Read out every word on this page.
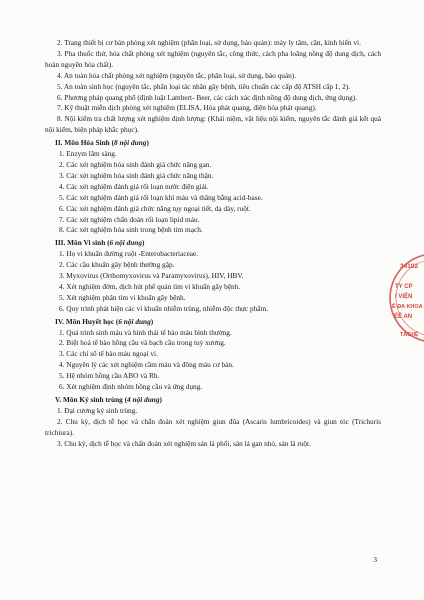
·

2. Trang thiết bị cơ bản phòng xét nghiệm (phân loại, sử dụng, bảo quản): máy ly tâm, cân, kính hiển vi.

3. Pha thuốc thử, hóa chất phòng xét nghiệm (nguyên tắc, công thức, cách pha loãng nồng độ dung dịch, cách hoàn nguyên hóa chất).

4. An toàn hóa chất phòng xét nghiệm (nguyên tắc, phân loại, sử dụng, bảo quản).

5. An toàn sinh học (nguyên tắc, phân loại tác nhân gây bệnh, tiêu chuẩn các cấp độ ATSH cấp 1, 2).

6. Phương pháp quang phổ (định luật Lambert- Beer, các cách xác định nồng độ dung dịch, ứng dụng).

7. Kỹ thuật miễn dịch phòng xét nghiệm (ELISA, Hóa phát quang, điện hóa phát quang).

8. Nội kiểm tra chất lượng xét nghiệm định lượng: (Khái niệm, vật liệu nội kiểm, nguyên tắc đánh giá kết quả nội kiểm, biện pháp khắc phục).

II. Môn Hóa Sinh (8 nội dung)

1. Enzym lâm sàng.

2. Các xét nghiệm hóa sinh đánh giá chức năng gan.

3. Các xét nghiệm hóa sinh đánh giá chức năng thận.

4. Các xét nghiệm đánh giá rối loạn nước điện giải.

5. Các xét nghiệm đánh giá rối loạn khí máu và thăng bằng acid-base.

6. Các xét nghiệm đánh giá chức năng tụy ngoại tiết, dạ dày, ruột.

7. Các xét nghiệm chẩn đoán rối loạn lipid máu.

8. Các xét nghiệm hóa sinh trong bệnh tim mạch.

III. Môn Vi sinh (6 nội dung)

1. Họ vi khuẩn đường ruột -Enterobacteriaceae.

2. Các cầu khuẩn gây bệnh thường gặp.

3. Myxovirus (Orthomyxovirus và Paramyxovirus), HIV, HBV.

4. Xét nghiệm đờm, dịch hút phế quản tìm vi khuẩn gây bệnh.

5. Xét nghiệm phân tìm vi khuẩn gây bệnh.

6. Quy trình phát hiện các vi khuẩn nhiễm trùng, nhiễm độc thực phẩm.

IV. Môn Huyết học (6 nội dung)

1. Quá trình sinh máu và hình thái tế bào máu bình thường.

2. Biệt hoá tế bào hồng cầu và bạch cầu trong tuỷ xương.

3. Các chỉ số tế bào máu ngoại vi.

4. Nguyên lý các xét nghiệm cầm máu và đông máu cơ bản.

5. Hệ nhóm hồng cầu ABO và Rh.

6. Xét nghiệm định nhóm hồng cầu và ứng dụng.

V. Môn Ký sinh trùng (4 nội dung)

1. Đại cương ký sinh trùng.

2. Chu kỳ, dịch tễ học và chẩn đoán xét nghiệm giun đũa (Ascaris lumbricoides) và giun tóc (Trichuris trichiura).

3. Chu kỳ, dịch tễ học và chẩn đoán xét nghiệm sán lá phổi, sán lá gan nhỏ, sán lá ruột.

34102
TY CP
I VIỆN
Ê ĐA KHOA
ẾÊ AN
T.NGHỆ
3
